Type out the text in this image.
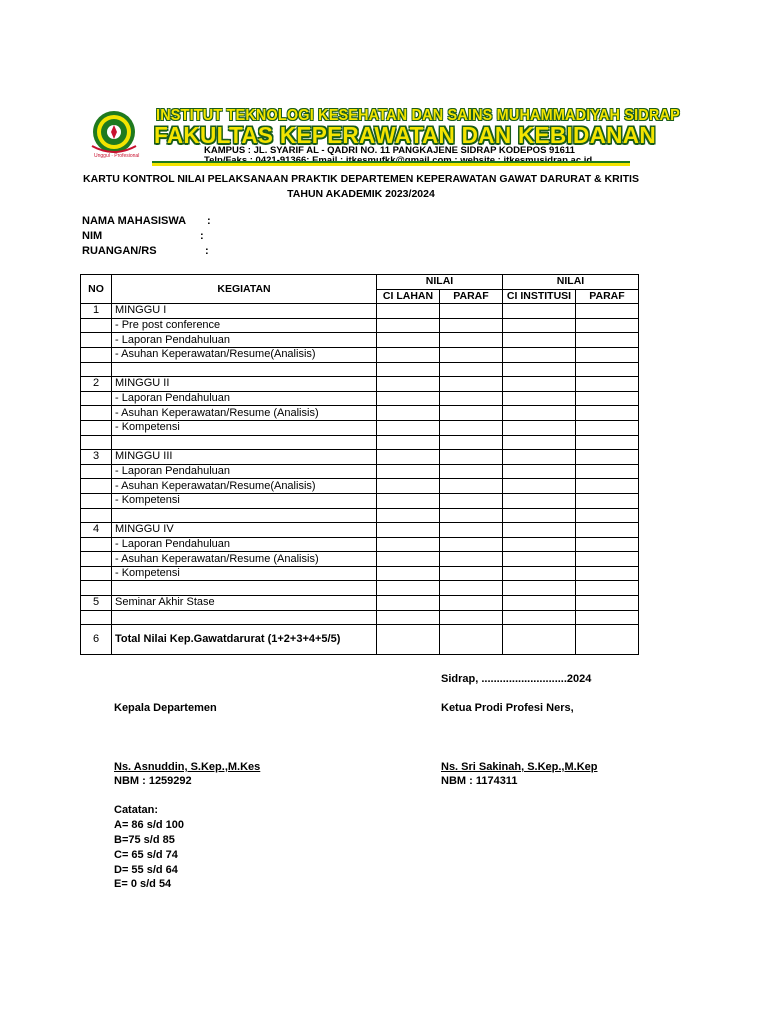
Unggul · Profesional
INSTITUT TEKNOLOGI KESEHATAN DAN SAINS MUHAMMADIYAH SIDRAP
FAKULTAS KEPERAWATAN DAN KEBIDANAN
KAMPUS : JL. SYARIF AL - QADRI NO. 11 PANGKAJENE SIDRAP KODEPOS 91611
KARTU KONTROL NILAI PELAKSANAAN PRAKTIK DEPARTEMEN KEPERAWATAN GAWAT DARURAT & KRITIS
TAHUN AKADEMIK 2023/2024
NAMA MAHASISWA :
NIM	:
RUANGAN/RS	:
NO	KEGIATAN	NILAI		NILAI	
		CI LAHAN	PARAF	CI INSTITUSI	PARAF
1	MINGGU I				
	- Pre post conference				
	- Laporan Pendahuluan				
	- Asuhan Keperawatan/Resume(Analisis)				

2	MINGGU II				
	- Laporan Pendahuluan				
	- Asuhan Keperawatan/Resume (Analisis)				
	- Kompetensi				

3	MINGGU III				
	- Laporan Pendahuluan				
	- Asuhan Keperawatan/Resume(Analisis)				
	- Kompetensi				

4	MINGGU IV				
	- Laporan Pendahuluan				
	- Asuhan Keperawatan/Resume (Analisis)				
	- Kompetensi				

5	Seminar Akhir Stase				

6	Total Nilai Kep.Gawatdarurat (1+2+3+4+5/5)				
Sidrap, ............................2024
Kepala Departemen	Ketua Prodi Profesi Ners,
Ns. Asnuddin, S.Kep.,M.Kes	Ns. Sri Sakinah, S.Kep.,M.Kep
NBM : 1259292	NBM : 1174311
Catatan:
A= 86 s/d 100
B=75 s/d 85
C= 65 s/d 74
D= 55 s/d 64
E= 0 s/d 54
